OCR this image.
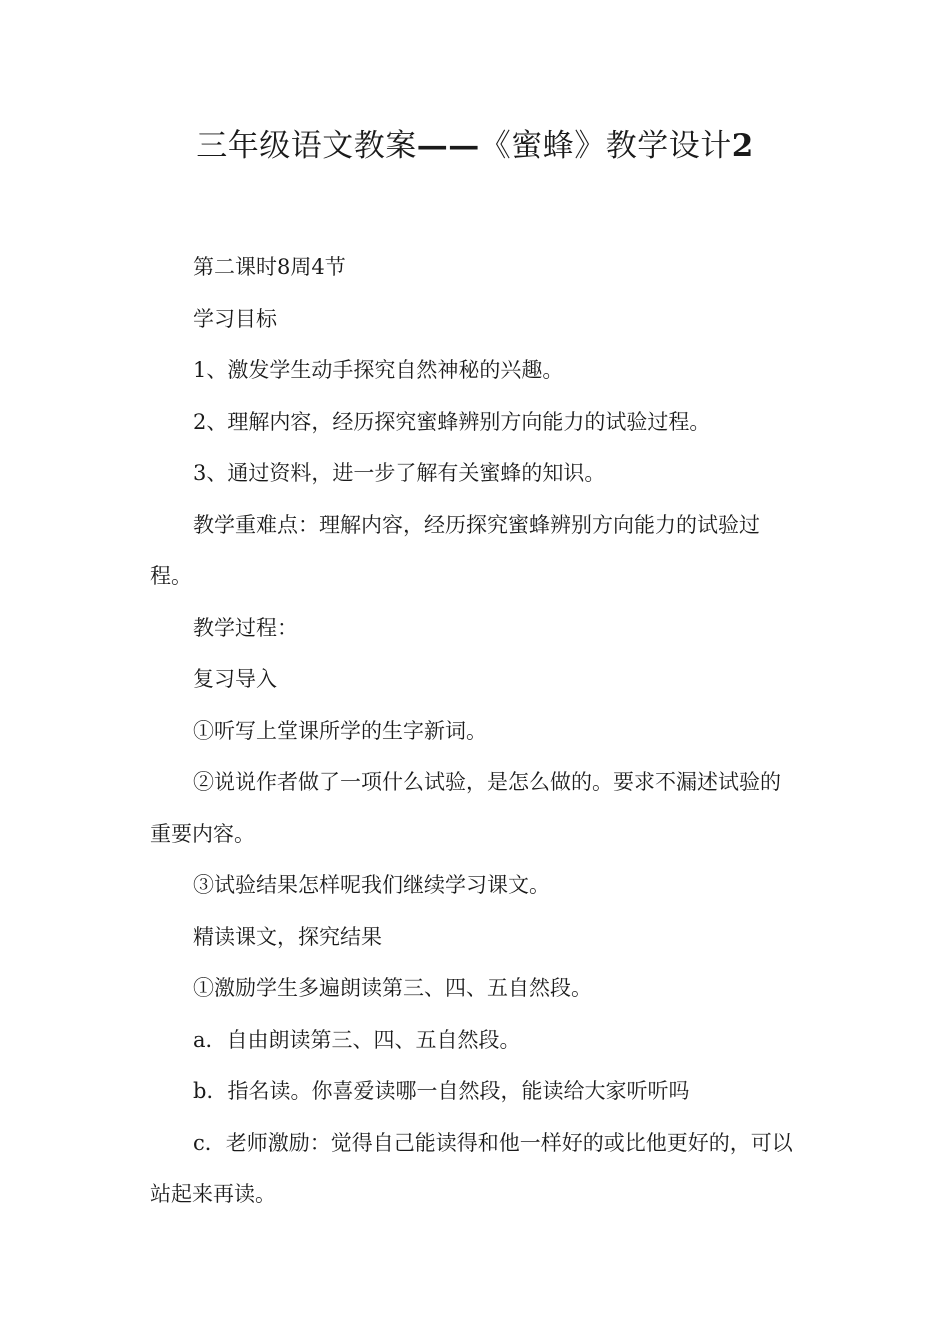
三年级语文教案——《蜜蜂》教学设计2

第二课时8周4节

学习目标

1、激发学生动手探究自然神秘的兴趣。

2、理解内容，经历探究蜜蜂辨别方向能力的试验过程。

3、通过资料，进一步了解有关蜜蜂的知识。

教学重难点：理解内容，经历探究蜜蜂辨别方向能力的试验过程。

教学过程：

复习导入

①听写上堂课所学的生字新词。

②说说作者做了一项什么试验，是怎么做的。要求不漏述试验的重要内容。

③试验结果怎样呢我们继续学习课文。

精读课文，探究结果

①激励学生多遍朗读第三、四、五自然段。

a．自由朗读第三、四、五自然段。

b．指名读。你喜爱读哪一自然段，能读给大家听听吗

c．老师激励：觉得自己能读得和他一样好的或比他更好的，可以站起来再读。
